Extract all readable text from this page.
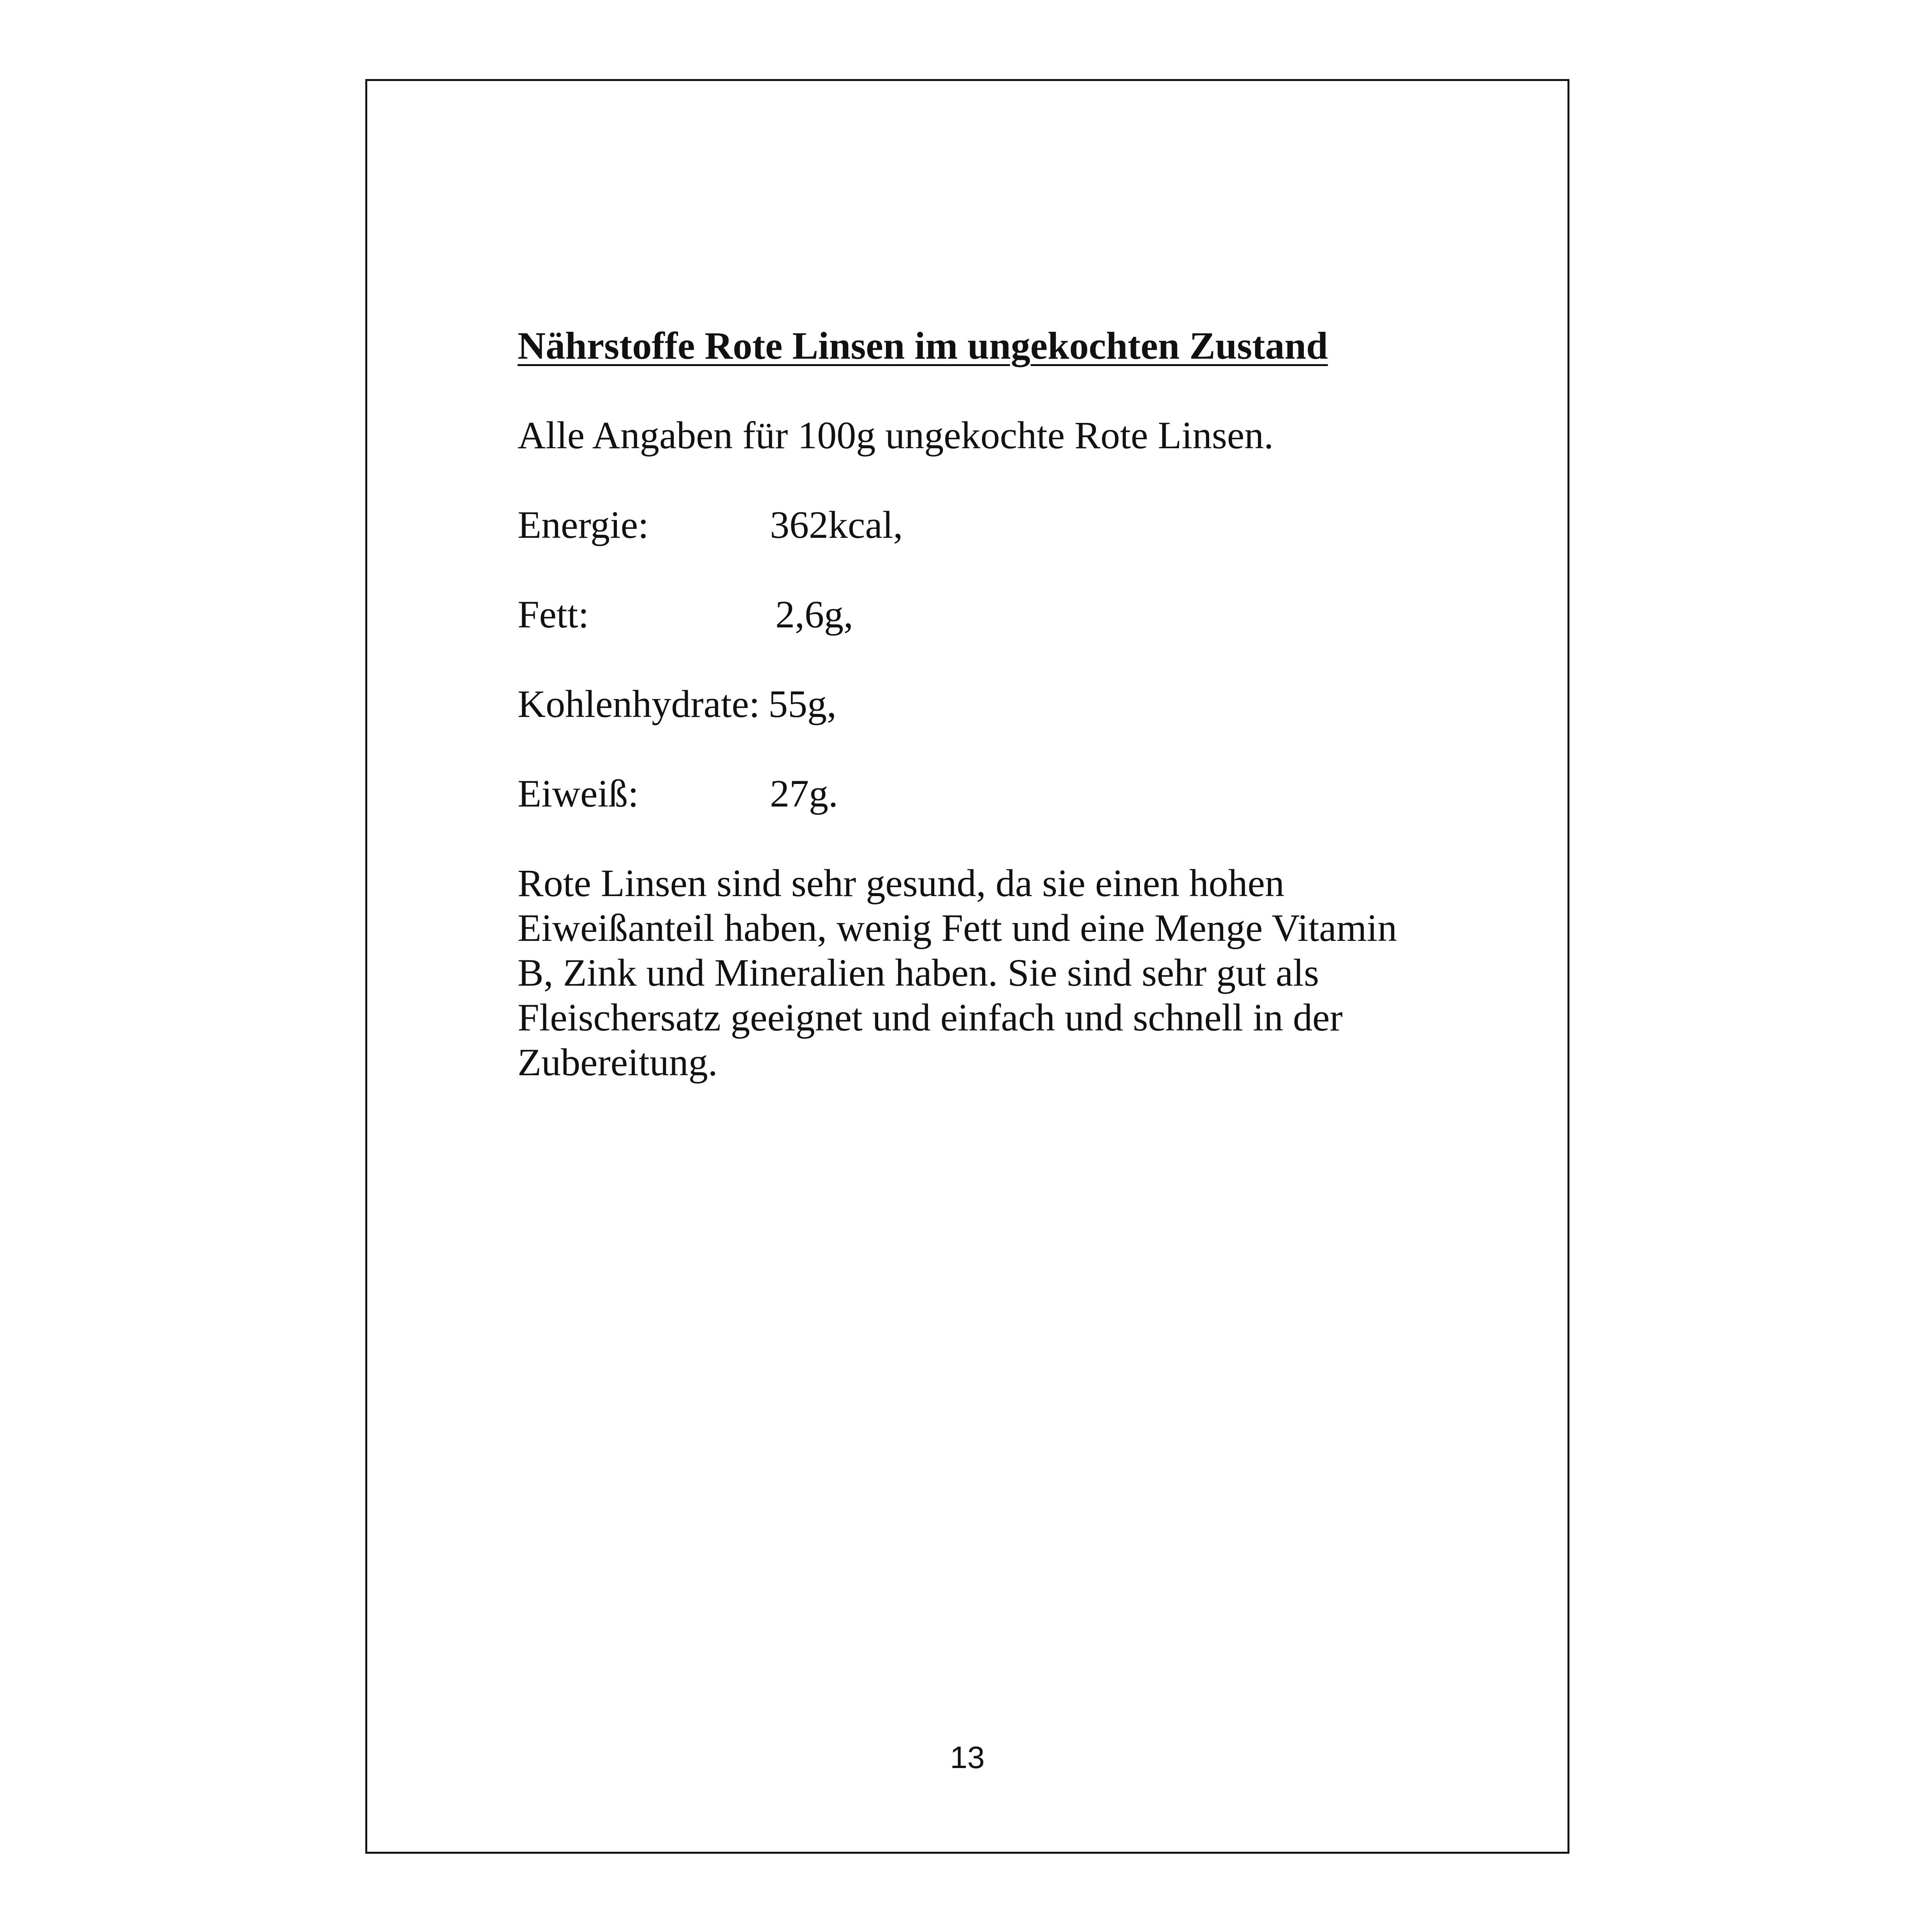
Nährstoffe Rote Linsen im ungekochten Zustand

Alle Angaben für 100g ungekochte Rote Linsen.

Energie:	362kcal,
Fett:	2,6g,
Kohlenhydrate: 55g,
Eiweiß:	27g.

Rote Linsen sind sehr gesund, da sie einen hohen
Eiweißanteil haben, wenig Fett und eine Menge Vitamin
B, Zink und Mineralien haben. Sie sind sehr gut als
Fleischersatz geeignet und einfach und schnell in der
Zubereitung.

13
